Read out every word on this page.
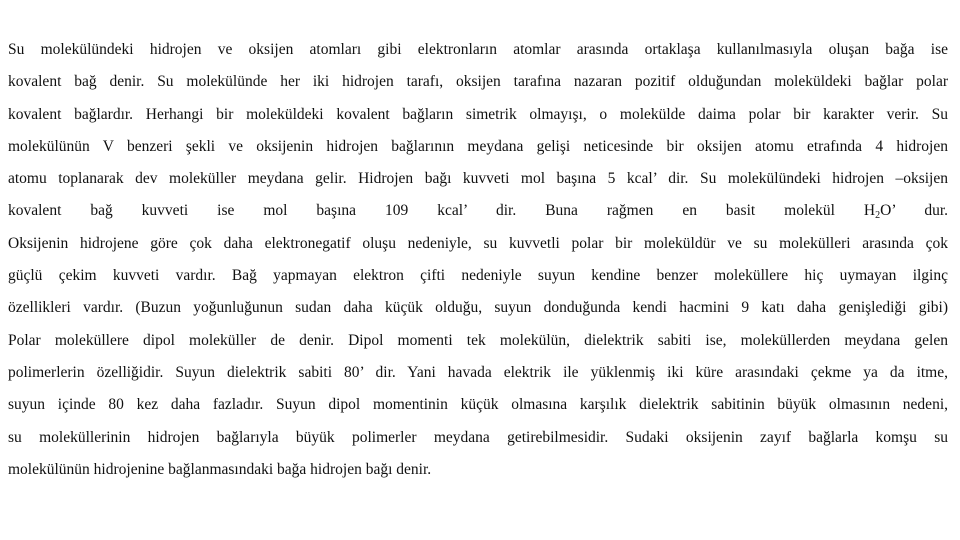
Su molekülündeki hidrojen ve oksijen atomları gibi elektronların atomlar arasında ortaklaşa kullanılmasıyla oluşan bağa ise
kovalent bağ denir. Su molekülünde her iki hidrojen tarafı, oksijen tarafına nazaran pozitif olduğundan moleküldeki bağlar polar
kovalent bağlardır. Herhangi bir moleküldeki kovalent bağların simetrik olmayışı, o molekülde daima polar bir karakter verir. Su
molekülünün V benzeri şekli ve oksijenin hidrojen bağlarının meydana gelişi neticesinde bir oksijen atomu etrafında 4 hidrojen
atomu toplanarak dev moleküller meydana gelir. Hidrojen bağı kuvveti mol başına 5 kcal’ dir. Su molekülündeki hidrojen –oksijen
kovalent bağ kuvveti ise mol başına 109 kcal’ dir. Buna rağmen en basit molekül $H_2O$’ dur.
Oksijenin hidrojene göre çok daha elektronegatif oluşu nedeniyle, su kuvvetli polar bir moleküldür ve su molekülleri arasında çok
güçlü çekim kuvveti vardır. Bağ yapmayan elektron çifti nedeniyle suyun kendine benzer moleküllere hiç uymayan ilginç
özellikleri vardır. (Buzun yoğunluğunun sudan daha küçük olduğu, suyun donduğunda kendi hacmini 9 katı daha genişlediği gibi)
Polar moleküllere dipol moleküller de denir. Dipol momenti tek molekülün, dielektrik sabiti ise, moleküllerden meydana gelen
polimerlerin özelliğidir. Suyun dielektrik sabiti 80’ dir. Yani havada elektrik ile yüklenmiş iki küre arasındaki çekme ya da itme,
suyun içinde 80 kez daha fazladır. Suyun dipol momentinin küçük olmasına karşılık dielektrik sabitinin büyük olmasının nedeni,
su moleküllerinin hidrojen bağlarıyla büyük polimerler meydana getirebilmesidir. Sudaki oksijenin zayıf bağlarla komşu su
molekülünün hidrojenine bağlanmasındaki bağa hidrojen bağı denir.
